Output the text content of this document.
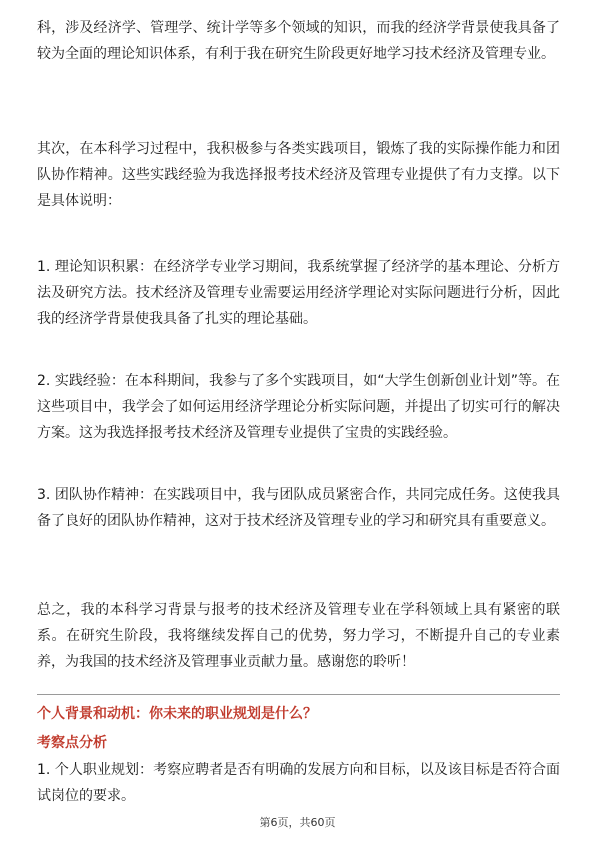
科，涉及经济学、管理学、统计学等多个领域的知识，而我的经济学背景使我具备了较为全面的理论知识体系，有利于我在研究生阶段更好地学习技术经济及管理专业。

其次，在本科学习过程中，我积极参与各类实践项目，锻炼了我的实际操作能力和团队协作精神。这些实践经验为我选择报考技术经济及管理专业提供了有力支撑。以下是具体说明：

1. 理论知识积累：在经济学专业学习期间，我系统掌握了经济学的基本理论、分析方法及研究方法。技术经济及管理专业需要运用经济学理论对实际问题进行分析，因此我的经济学背景使我具备了扎实的理论基础。

2. 实践经验：在本科期间，我参与了多个实践项目，如“大学生创新创业计划”等。在这些项目中，我学会了如何运用经济学理论分析实际问题，并提出了切实可行的解决方案。这为我选择报考技术经济及管理专业提供了宝贵的实践经验。

3. 团队协作精神：在实践项目中，我与团队成员紧密合作，共同完成任务。这使我具备了良好的团队协作精神，这对于技术经济及管理专业的学习和研究具有重要意义。

总之，我的本科学习背景与报考的技术经济及管理专业在学科领域上具有紧密的联系。在研究生阶段，我将继续发挥自己的优势，努力学习，不断提升自己的专业素养，为我国的技术经济及管理事业贡献力量。感谢您的聆听！

个人背景和动机：你未来的职业规划是什么？

考察点分析

1. 个人职业规划：考察应聘者是否有明确的发展方向和目标，以及该目标是否符合面试岗位的要求。

第6页，共60页
